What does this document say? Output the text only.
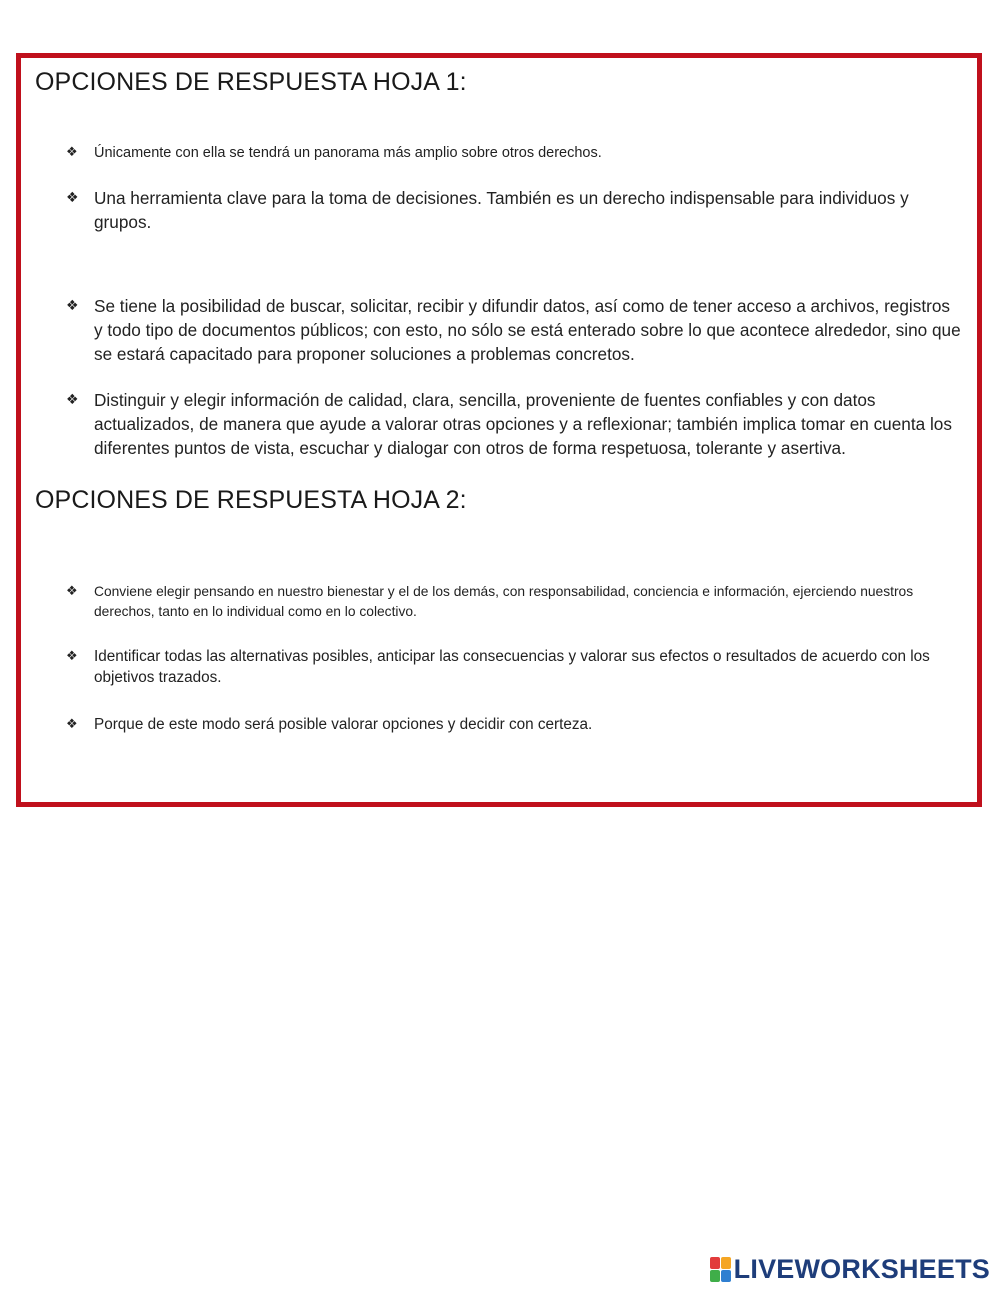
OPCIONES DE RESPUESTA HOJA 1:
❖	Únicamente con ella se tendrá un panorama más amplio sobre otros derechos.
❖ Una herramienta clave para la toma de decisiones. También es un derecho indispensable para individuos y grupos.
❖ Se tiene la posibilidad de buscar, solicitar, recibir y difundir datos, así como de tener acceso a archivos, registros y todo tipo de documentos públicos; con esto, no sólo se está enterado sobre lo que acontece alrededor, sino que se estará capacitado para proponer soluciones a problemas concretos.
❖ Distinguir y elegir información de calidad, clara, sencilla, proveniente de fuentes confiables y con datos actualizados, de manera que ayude a valorar otras opciones y a reflexionar; también implica tomar en cuenta los diferentes puntos de vista, escuchar y dialogar con otros de forma respetuosa, tolerante y asertiva.
OPCIONES DE RESPUESTA HOJA 2:
❖	Conviene elegir pensando en nuestro bienestar y el de los demás, con responsabilidad, conciencia e información, ejerciendo nuestros derechos, tanto en lo individual como en lo colectivo.
❖	Identificar todas las alternativas posibles, anticipar las consecuencias y valorar sus efectos o resultados de acuerdo con los objetivos trazados.
❖	Porque de este modo será posible valorar opciones y decidir con certeza.
LIVEWORKSHEETS
